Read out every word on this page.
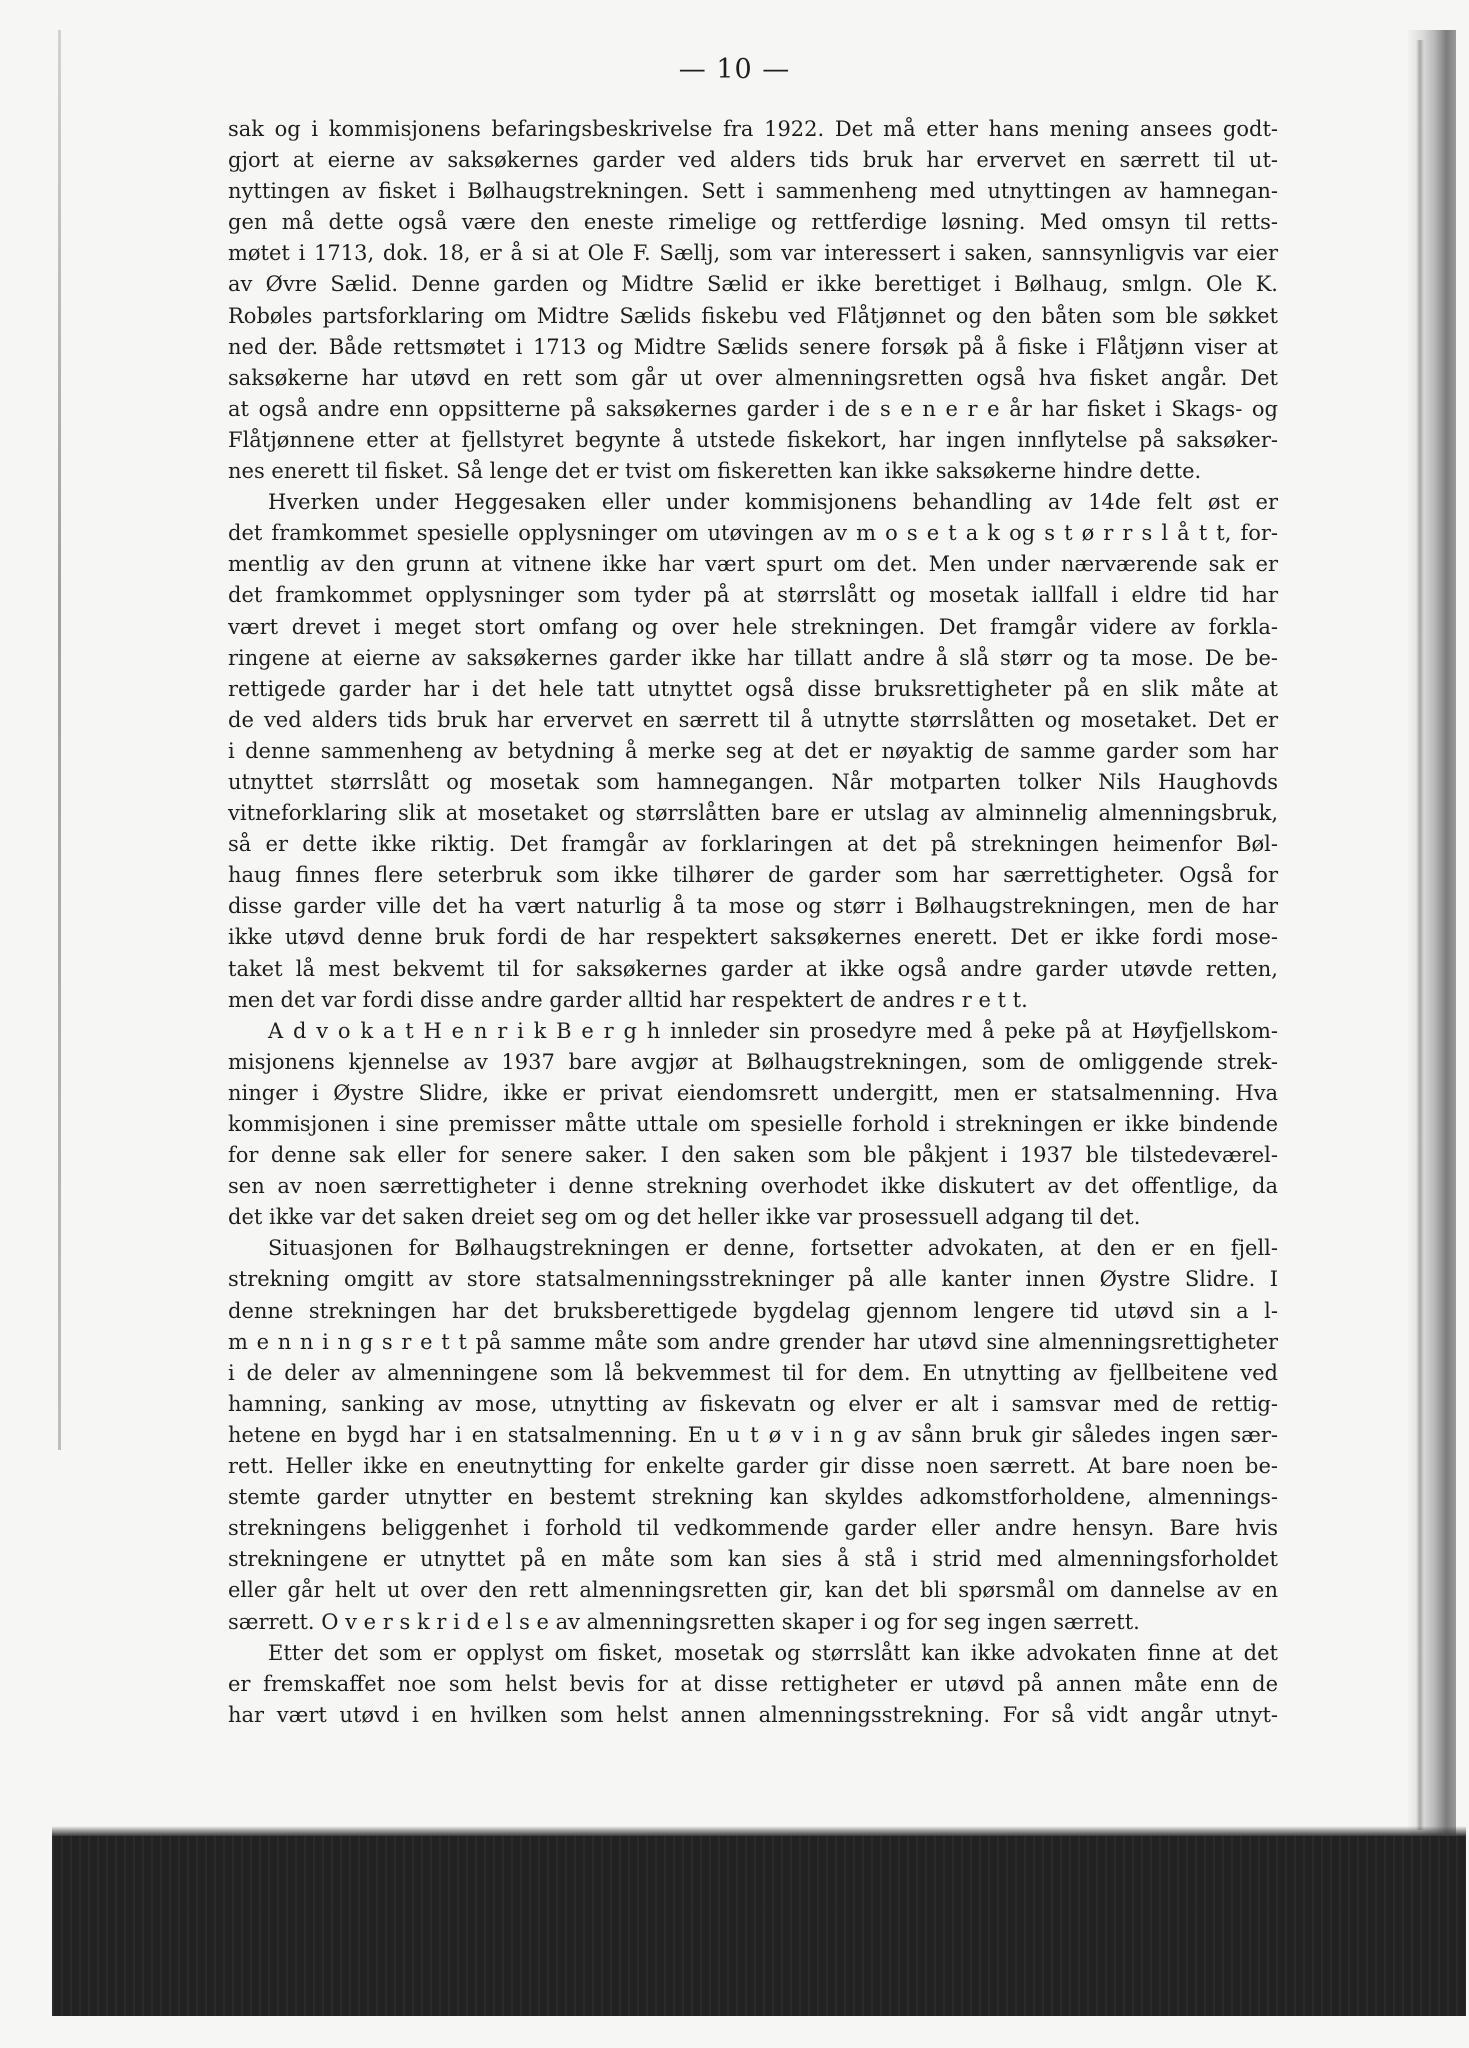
— 10 —
sak og i kommisjonens befaringsbeskrivelse fra 1922. Det må etter hans mening ansees godt-
gjort at eierne av saksøkernes garder ved alders tids bruk har ervervet en særrett til ut-
nyttingen av fisket i Bølhaugstrekningen. Sett i sammenheng med utnyttingen av hamnegan-
gen må dette også være den eneste rimelige og rettferdige løsning. Med omsyn til retts-
møtet i 1713, dok. 18, er å si at Ole F. Sællj, som var interessert i saken, sannsynligvis var eier
av Øvre Sælid. Denne garden og Midtre Sælid er ikke berettiget i Bølhaug, smlgn. Ole K.
Robøles partsforklaring om Midtre Sælids fiskebu ved Flåtjønnet og den båten som ble søkket
ned der. Både rettsmøtet i 1713 og Midtre Sælids senere forsøk på å fiske i Flåtjønn viser at
saksøkerne har utøvd en rett som går ut over almenningsretten også hva fisket angår. Det
at også andre enn oppsitterne på saksøkernes garder i de s e n e r e år har fisket i Skags- og
Flåtjønnene etter at fjellstyret begynte å utstede fiskekort, har ingen innflytelse på saksøker-
nes enerett til fisket. Så lenge det er tvist om fiskeretten kan ikke saksøkerne hindre dette.
Hverken under Heggesaken eller under kommisjonens behandling av 14de felt øst er
det framkommet spesielle opplysninger om utøvingen av m o s e t a k og s t ø r r s l å t t, for-
mentlig av den grunn at vitnene ikke har vært spurt om det. Men under nærværende sak er
det framkommet opplysninger som tyder på at størrslått og mosetak iallfall i eldre tid har
vært drevet i meget stort omfang og over hele strekningen. Det framgår videre av forkla-
ringene at eierne av saksøkernes garder ikke har tillatt andre å slå størr og ta mose. De be-
rettigede garder har i det hele tatt utnyttet også disse bruksrettigheter på en slik måte at
de ved alders tids bruk har ervervet en særrett til å utnytte størrslåtten og mosetaket. Det er
i denne sammenheng av betydning å merke seg at det er nøyaktig de samme garder som har
utnyttet størrslått og mosetak som hamnegangen. Når motparten tolker Nils Haughovds
vitneforklaring slik at mosetaket og størrslåtten bare er utslag av alminnelig almenningsbruk,
så er dette ikke riktig. Det framgår av forklaringen at det på strekningen heimenfor Bøl-
haug finnes flere seterbruk som ikke tilhører de garder som har særrettigheter. Også for
disse garder ville det ha vært naturlig å ta mose og størr i Bølhaugstrekningen, men de har
ikke utøvd denne bruk fordi de har respektert saksøkernes enerett. Det er ikke fordi mose-
taket lå mest bekvemt til for saksøkernes garder at ikke også andre garder utøvde retten,
men det var fordi disse andre garder alltid har respektert de andres r e t t.
A d v o k a t H e n r i k B e r g h innleder sin prosedyre med å peke på at Høyfjellskom-
misjonens kjennelse av 1937 bare avgjør at Bølhaugstrekningen, som de omliggende strek-
ninger i Øystre Slidre, ikke er privat eiendomsrett undergitt, men er statsalmenning. Hva
kommisjonen i sine premisser måtte uttale om spesielle forhold i strekningen er ikke bindende
for denne sak eller for senere saker. I den saken som ble påkjent i 1937 ble tilstedeværel-
sen av noen særrettigheter i denne strekning overhodet ikke diskutert av det offentlige, da
det ikke var det saken dreiet seg om og det heller ikke var prosessuell adgang til det.
Situasjonen for Bølhaugstrekningen er denne, fortsetter advokaten, at den er en fjell-
strekning omgitt av store statsalmenningsstrekninger på alle kanter innen Øystre Slidre. I
denne strekningen har det bruksberettigede bygdelag gjennom lengere tid utøvd sin a l-
m e n n i n g s r e t t på samme måte som andre grender har utøvd sine almenningsrettigheter
i de deler av almenningene som lå bekvemmest til for dem. En utnytting av fjellbeitene ved
hamning, sanking av mose, utnytting av fiskevatn og elver er alt i samsvar med de rettig-
hetene en bygd har i en statsalmenning. En u t ø v i n g av sånn bruk gir således ingen sær-
rett. Heller ikke en eneutnytting for enkelte garder gir disse noen særrett. At bare noen be-
stemte garder utnytter en bestemt strekning kan skyldes adkomstforholdene, almennings-
strekningens beliggenhet i forhold til vedkommende garder eller andre hensyn. Bare hvis
strekningene er utnyttet på en måte som kan sies å stå i strid med almenningsforholdet
eller går helt ut over den rett almenningsretten gir, kan det bli spørsmål om dannelse av en
særrett. O v e r s k r i d e l s e av almenningsretten skaper i og for seg ingen særrett.
Etter det som er opplyst om fisket, mosetak og størrslått kan ikke advokaten finne at det
er fremskaffet noe som helst bevis for at disse rettigheter er utøvd på annen måte enn de
har vært utøvd i en hvilken som helst annen almenningsstrekning. For så vidt angår utnyt-
